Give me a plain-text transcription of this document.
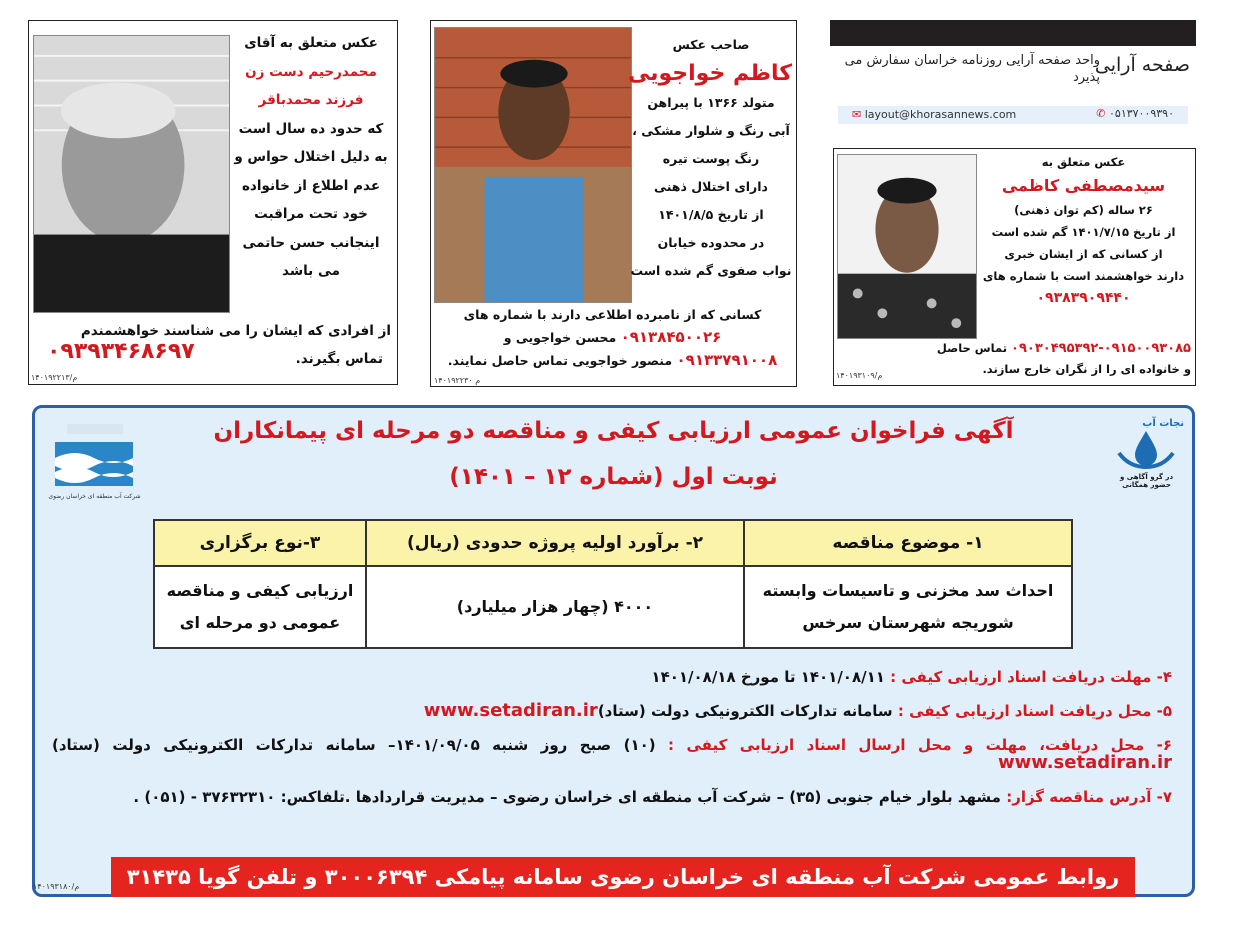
عکس متعلق به آقای
محمدرحیم دست زن
فرزند محمدباقر
که حدود ده سال است
به دلیل اختلال حواس و
عدم اطلاع از خانواده
خود تحت مراقبت
اینجانب حسن حاتمی
می باشد
از افرادی که ایشان را می شناسند خواهشمندم
تماس بگیرند.
۰۹۳۹۳۴۶۸۶۹۷
م/۱۴۰۱۹۲۲۱۳
صاحب عکس
کاظم خواجویی
متولد ۱۳۶۶ با پیراهن
آبی رنگ و شلوار مشکی ،
رنگ پوست تیره
دارای اختلال ذهنی
از تاریخ ۱۴۰۱/۸/۵
در محدوده خیابان
نواب صفوی گم شده است
کسانی که از نامبرده اطلاعی دارند با شماره های
۰۹۱۳۸۴۵۰۰۲۶ محسن خواجویی و
۰۹۱۳۳۷۹۱۰۰۸ منصور خواجویی تماس حاصل نمایند.
م ۱۴۰۱۹۲۲۳۰
صفحه آرایی
واحد صفحه آرایی روزنامه خراسان سفارش می پذیرد
✆ ۰۵۱۳۷۰۰۹۳۹۰
✉ layout@khorasannews.com
عکس متعلق به
سیدمصطفی کاظمی
۲۶ ساله (کم توان ذهنی)
از تاریخ ۱۴۰۱/۷/۱۵ گم شده است
از کسانی که از ایشان خبری
دارند خواهشمند است با شماره های
۰۹۳۸۳۹۰۹۴۴۰
۰۹۰۳۰۴۹۵۳۹۲-۰۹۱۵۰۰۹۳۰۸۵ تماس حاصل
و خانواده ای را از نگران خارج سازند.
م/۱۴۰۱۹۳۱۰۹
شرکت آب منطقه ای خراسان رضوی
نجات آب
در گرو آگاهی و حضور همگانی
آگهی فراخوان عمومی ارزیابی کیفی و مناقصه دو مرحله ای پیمانکاران
نوبت اول (شماره ۱۲ – ۱۴۰۱)
۱- موضوع مناقصه	۲- برآورد اولیه پروژه حدودی (ریال)	۳-نوع برگزاری
احداث سد مخزنی و تاسیسات وابسته شوریجه شهرستان سرخس	۴۰۰۰ (چهار هزار میلیارد)	ارزیابی کیفی و مناقصه عمومی دو مرحله ای
۴- مهلت دریافت اسناد ارزیابی کیفی : ۱۴۰۱/۰۸/۱۱ تا مورخ ۱۴۰۱/۰۸/۱۸
۵- محل دریافت اسناد ارزیابی کیفی : سامانه تدارکات الکترونیکی دولت (ستاد)www.setadiran.ir
۶- محل دریافت، مهلت و محل ارسال اسناد ارزیابی کیفی : (۱۰) صبح روز شنبه ۱۴۰۱/۰۹/۰۵– سامانه تدارکات الکترونیکی دولت (ستاد) www.setadiran.ir
۷- آدرس مناقصه گزار: مشهد بلوار خیام جنوبی (۳۵) – شرکت آب منطقه ای خراسان رضوی – مدیریت قراردادها .تلفاکس: ۳۷۶۳۲۳۱۰ - (۰۵۱) .
روابط عمومی شرکت آب منطقه ای خراسان رضوی سامانه پیامکی ۳۰۰۰۶۳۹۴ و تلفن گویا ۳۱۴۳۵
م/۱۴۰۱۹۳۱۸۰
